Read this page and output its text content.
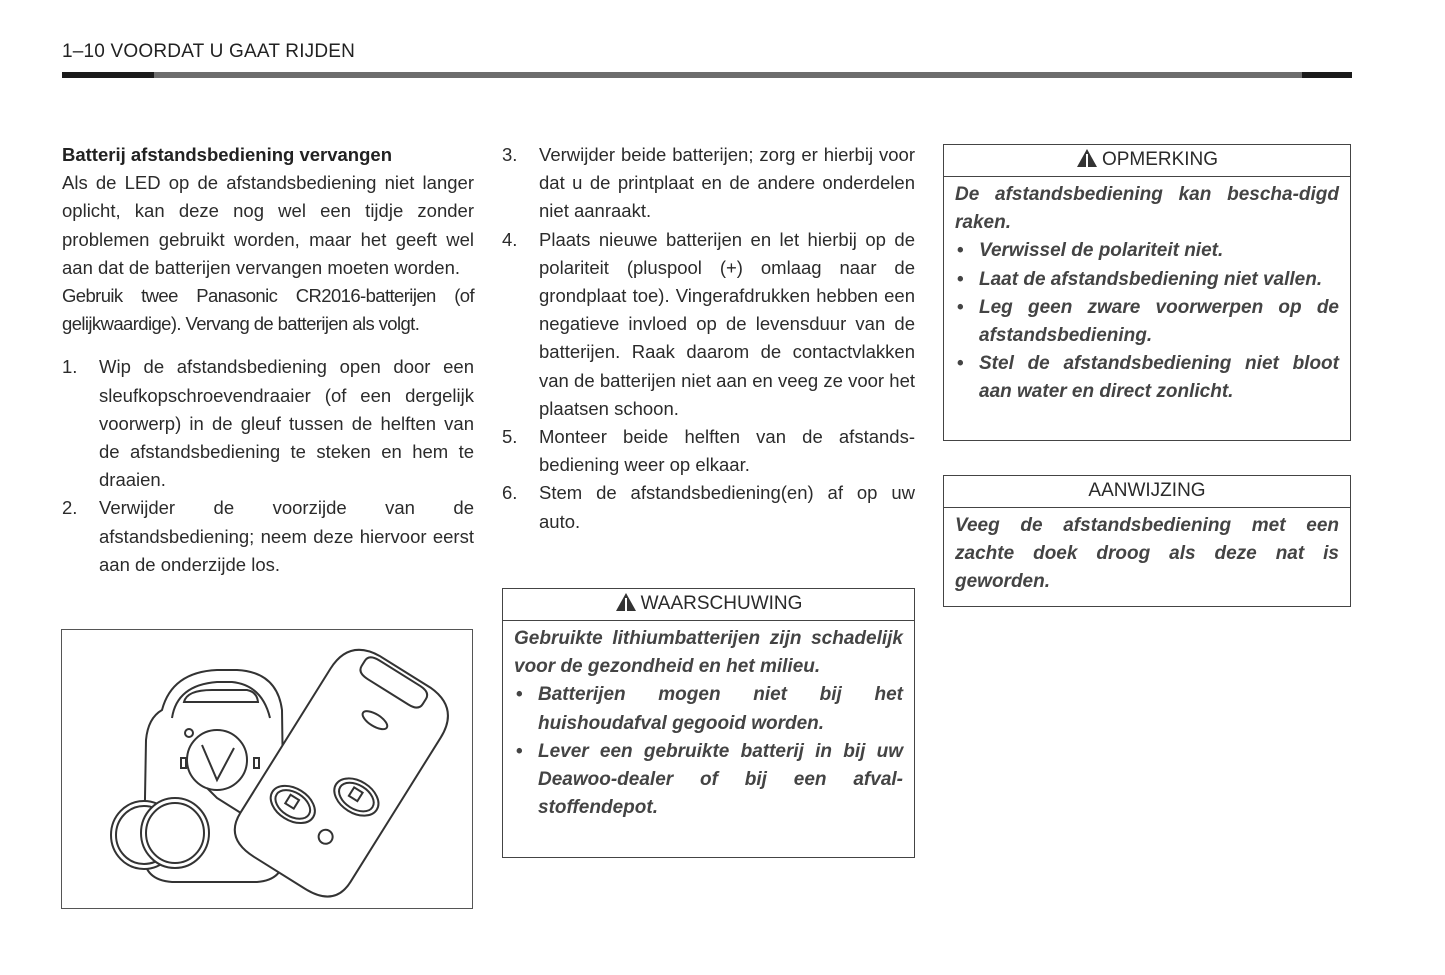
1–10 VOORDAT U GAAT RIJDEN
Batterij afstandsbediening vervangen

Als de LED op de afstandsbediening niet langer oplicht, kan deze nog wel een tijdje zonder problemen gebruikt worden, maar het geeft wel aan dat de batterijen vervangen moeten worden.

Gebruik twee Panasonic CR2016-batterijen (of gelijkwaardige). Vervang de batterijen als volgt.

1. Wip de afstandsbediening open door een sleufkopschroevendraaier (of een dergelijk voorwerp) in de gleuf tussen de helften van de afstandsbediening te steken en hem te draaien.
2. Verwijder de voorzijde van de afstandsbediening; neem deze hiervoor eerst aan de onderzijde los.
3. Verwijder beide batterijen; zorg er hierbij voor dat u de printplaat en de andere onderdelen niet aanraakt.
4. Plaats nieuwe batterijen en let hierbij op de polariteit (pluspool (+) omlaag naar de grondplaat toe). Vingerafdrukken hebben een negatieve invloed op de levensduur van de batterijen. Raak daarom de contactvlakken van de batterijen niet aan en veeg ze voor het plaatsen schoon.
5. Monteer beide helften van de afstands-bediening weer op elkaar.
6. Stem de afstandsbediening(en) af op uw auto.
WAARSCHUWING

Gebruikte lithiumbatterijen zijn schadelijk voor de gezondheid en het milieu.

• Batterijen mogen niet bij het huishoudafval gegooid worden.
• Lever een gebruikte batterij in bij uw Deawoo-dealer of bij een afval-stoffendepot.
OPMERKING

De afstandsbediening kan bescha-digd raken.

• Verwissel de polariteit niet.
• Laat de afstandsbediening niet vallen.
• Leg geen zware voorwerpen op de afstandsbediening.
• Stel de afstandsbediening niet bloot aan water en direct zonlicht.
AANWIJZING

Veeg de afstandsbediening met een zachte doek droog als deze nat is geworden.
